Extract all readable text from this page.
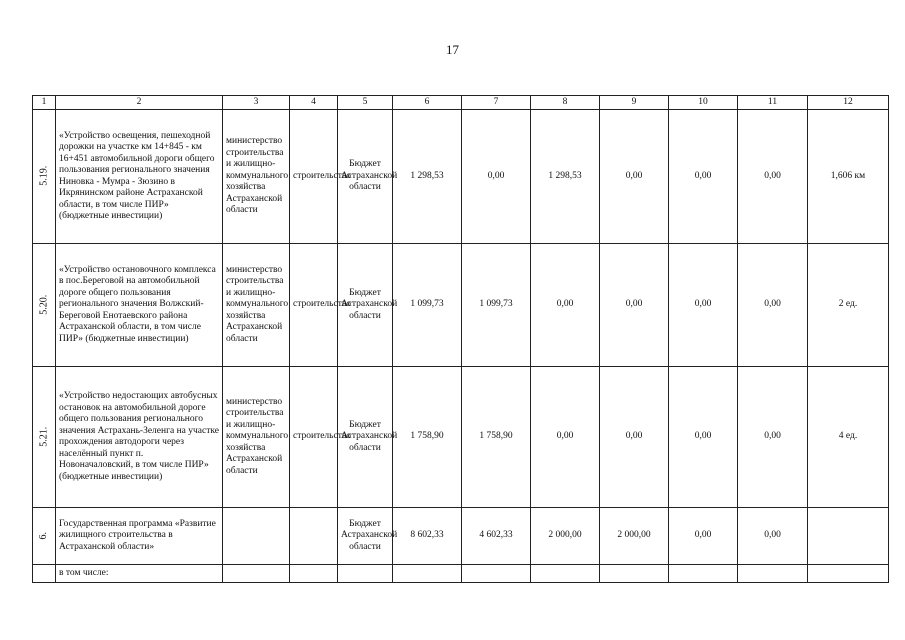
17
1	2	3	4	5	6	7	8	9	10	11	12
5.19.	«Устройство освещения, пешеходной дорожки на участке км 14+845 - км 16+451 автомобильной дороги общего пользования регионального значения Ниновка - Мумра - Зюзино в Икрянинском районе Астраханской области, в том числе ПИР» (бюджетные инвестиции)	министерство строительства и жилищно-коммунального хозяйства Астраханской области	строительство	Бюджет Астраханской области	1 298,53	0,00	1 298,53	0,00	0,00	0,00	1,606 км
5.20.	«Устройство остановочного комплекса в пос.Береговой на автомобильной дороге общего пользования регионального значения Волжский-Береговой Енотаевского района Астраханской области, в том числе ПИР» (бюджетные инвестиции)	министерство строительства и жилищно-коммунального хозяйства Астраханской области	строительство	Бюджет Астраханской области	1 099,73	1 099,73	0,00	0,00	0,00	0,00	2 ед.
5.21.	«Устройство недостающих автобусных остановок на автомобильной дороге общего пользования регионального значения Астрахань-Зеленга на участке прохождения автодороги через населённый пункт п. Новоначаловский, в том числе ПИР» (бюджетные инвестиции)	министерство строительства и жилищно-коммунального хозяйства Астраханской области	строительство	Бюджет Астраханской области	1 758,90	1 758,90	0,00	0,00	0,00	0,00	4 ед.
6.	Государственная программа «Развитие жилищного строительства в Астраханской области»			Бюджет Астраханской области	8 602,33	4 602,33	2 000,00	2 000,00	0,00	0,00	
	в том числе:										
